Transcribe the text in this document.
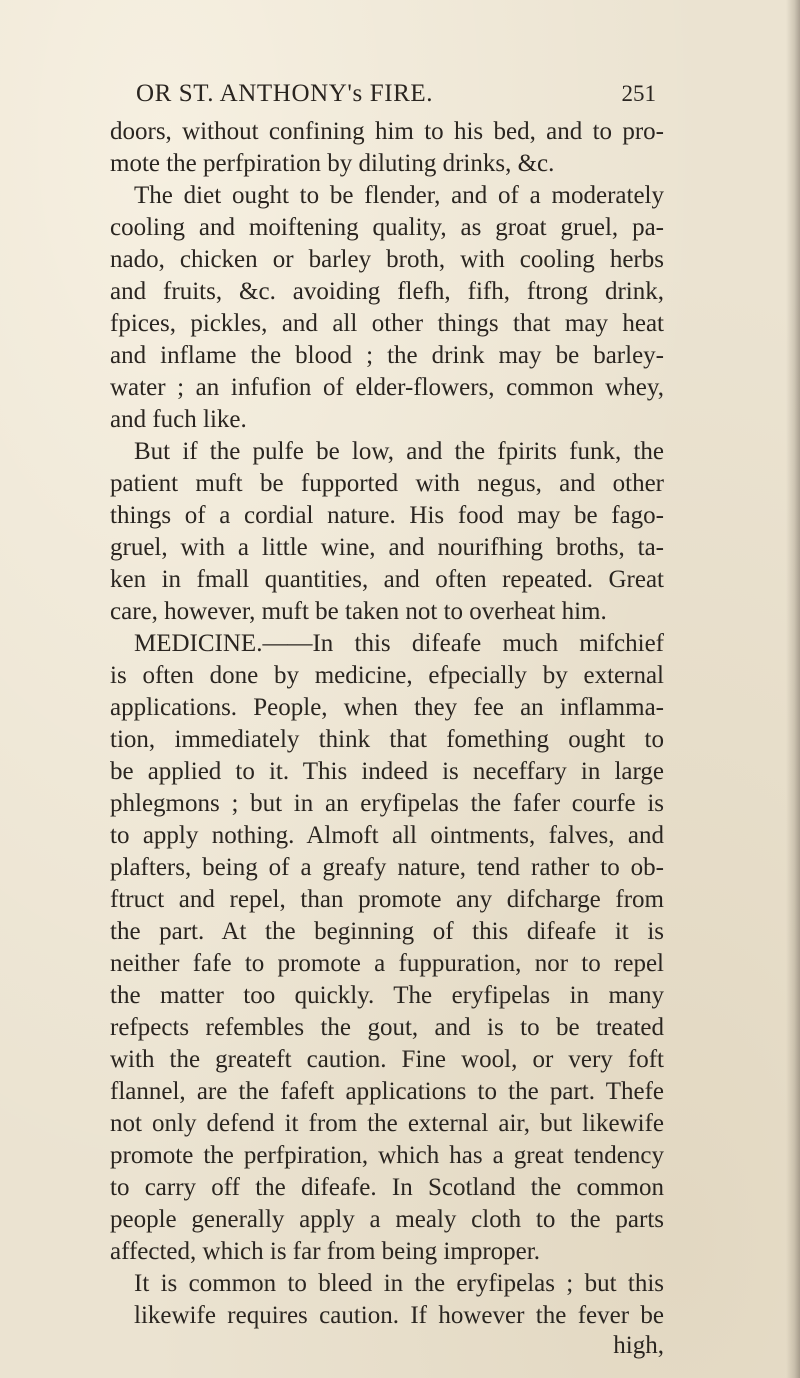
OR ST. ANTHONY's FIRE.	251
doors, without confining him to his bed, and to pro-
mote the perfpiration by diluting drinks, &c.
The diet ought to be flender, and of a moderately
cooling and moiftening quality, as groat gruel, pa-
nado, chicken or barley broth, with cooling herbs
and fruits, &c. avoiding flefh, fifh, ftrong drink,
fpices, pickles, and all other things that may heat
and inflame the blood ; the drink may be barley-
water ; an infufion of elder-flowers, common whey,
and fuch like.
But if the pulfe be low, and the fpirits funk, the
patient muft be fupported with negus, and other
things of a cordial nature. His food may be fago-
gruel, with a little wine, and nourifhing broths, ta-
ken in fmall quantities, and often repeated. Great
care, however, muft be taken not to overheat him.
MEDICINE.——In this difeafe much mifchief
is often done by medicine, efpecially by external
applications. People, when they fee an inflamma-
tion, immediately think that fomething ought to
be applied to it. This indeed is neceffary in large
phlegmons ; but in an eryfipelas the fafer courfe is
to apply nothing. Almoft all ointments, falves, and
plafters, being of a greafy nature, tend rather to ob-
ftruct and repel, than promote any difcharge from
the part. At the beginning of this difeafe it is
neither fafe to promote a fuppuration, nor to repel
the matter too quickly. The eryfipelas in many
refpects refembles the gout, and is to be treated
with the greateft caution. Fine wool, or very foft
flannel, are the fafeft applications to the part. Thefe
not only defend it from the external air, but likewife
promote the perfpiration, which has a great tendency
to carry off the difeafe. In Scotland the common
people generally apply a mealy cloth to the parts
affected, which is far from being improper.
It is common to bleed in the eryfipelas ; but this
likewife requires caution. If however the fever be
high,
